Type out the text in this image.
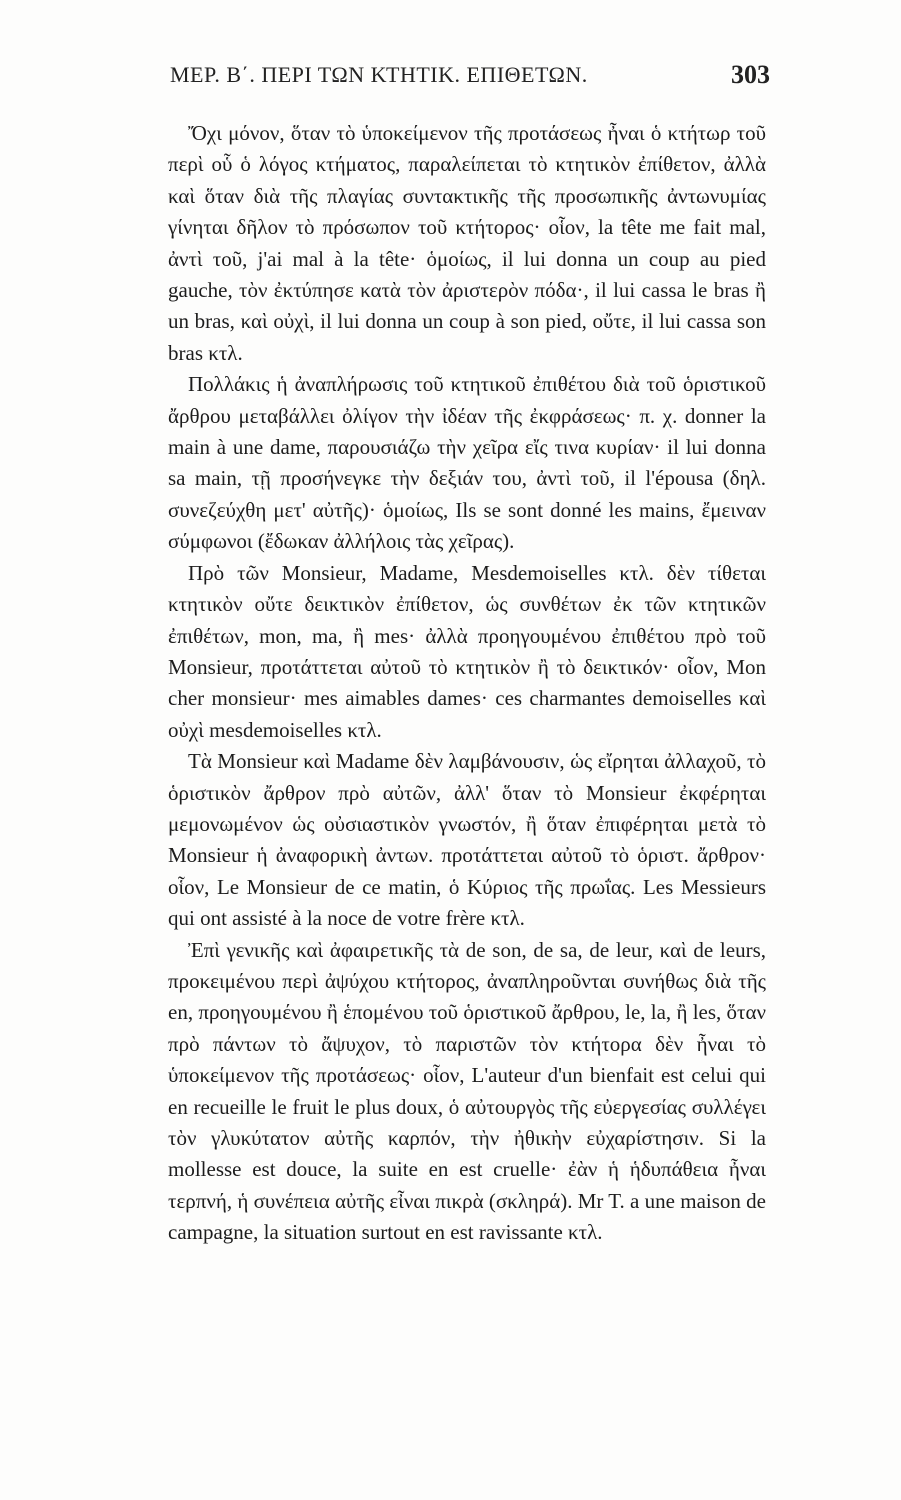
ΜΕΡ. Β΄. ΠΕΡΙ ΤΩΝ ΚΤΗΤΙΚ. ΕΠΙΘΕΤΩΝ.	303

Ὄχι μόνον, ὅταν τὸ ὑποκείμενον τῆς προτάσεως ἦναι ὁ κτήτωρ τοῦ περὶ οὗ ὁ λόγος κτήματος, παραλείπεται τὸ κτητικὸν ἐπίθετον, ἀλλὰ καὶ ὅταν διὰ τῆς πλαγίας συντακτικῆς τῆς προσωπικῆς ἀντωνυμίας γίνηται δῆλον τὸ πρόσωπον τοῦ κτήτορος· οἷον, la tête me fait mal, ἀντὶ τοῦ, j'ai mal à la tête· ὁμοίως, il lui donna un coup au pied gauche, τὸν ἐκτύπησε κατὰ τὸν ἀριστερὸν πόδα·, il lui cassa le bras ἢ un bras, καὶ οὐχὶ, il lui donna un coup à son pied, οὔτε, il lui cassa son bras κτλ.

Πολλάκις ἡ ἀναπλήρωσις τοῦ κτητικοῦ ἐπιθέτου διὰ τοῦ ὁριστικοῦ ἄρθρου μεταβάλλει ὀλίγον τὴν ἰδέαν τῆς ἐκφράσεως· π. χ. donner la main à une dame, παρουσιάζω τὴν χεῖρα εἴς τινα κυρίαν· il lui donna sa main, τῇ προσήνεγκε τὴν δεξιάν του, ἀντὶ τοῦ, il l'épousa (δηλ. συνεζεύχθη μετ' αὐτῆς)· ὁμοίως, Ils se sont donné les mains, ἔμειναν σύμφωνοι (ἔδωκαν ἀλλήλοις τὰς χεῖρας).

Πρὸ τῶν Monsieur, Madame, Mesdemoiselles κτλ. δὲν τίθεται κτητικὸν οὔτε δεικτικὸν ἐπίθετον, ὡς συνθέτων ἐκ τῶν κτητικῶν ἐπιθέτων, mon, ma, ἢ mes· ἀλλὰ προηγουμένου ἐπιθέτου πρὸ τοῦ Monsieur, προτάττεται αὐτοῦ τὸ κτητικὸν ἢ τὸ δεικτικόν· οἷον, Mon cher monsieur· mes aimables dames· ces charmantes demoiselles καὶ οὐχὶ mesdemoiselles κτλ.

Τὰ Monsieur καὶ Madame δὲν λαμβάνουσιν, ὡς εἴρηται ἀλλαχοῦ, τὸ ὁριστικὸν ἄρθρον πρὸ αὐτῶν, ἀλλ' ὅταν τὸ Monsieur ἐκφέρηται μεμονωμένον ὡς οὐσιαστικὸν γνωστόν, ἢ ὅταν ἐπιφέρηται μετὰ τὸ Monsieur ἡ ἀναφορικὴ ἀντων. προτάττεται αὐτοῦ τὸ ὁριστ. ἄρθρον· οἷον, Le Monsieur de ce matin, ὁ Κύριος τῆς πρωΐας. Les Messieurs qui ont assisté à la noce de votre frère κτλ.

Ἐπὶ γενικῆς καὶ ἀφαιρετικῆς τὰ de son, de sa, de leur, καὶ de leurs, προκειμένου περὶ ἀψύχου κτήτορος, ἀναπληροῦνται συνήθως διὰ τῆς en, προηγουμένου ἢ ἑπομένου τοῦ ὁριστικοῦ ἄρθρου, le, la, ἢ les, ὅταν πρὸ πάντων τὸ ἄψυχον, τὸ παριστῶν τὸν κτήτορα δὲν ἦναι τὸ ὑποκείμενον τῆς προτάσεως· οἷον, L'auteur d'un bienfait est celui qui en recueille le fruit le plus doux, ὁ αὐτουργὸς τῆς εὐεργεσίας συλλέγει τὸν γλυκύτατον αὐτῆς καρπόν, τὴν ἠθικὴν εὐχαρίστησιν. Si la mollesse est douce, la suite en est cruelle· ἐὰν ἡ ἡδυπάθεια ἦναι τερπνή, ἡ συνέπεια αὐτῆς εἶναι πικρὰ (σκληρά). Mr T. a une maison de campagne, la situation surtout en est ravissante κτλ.
